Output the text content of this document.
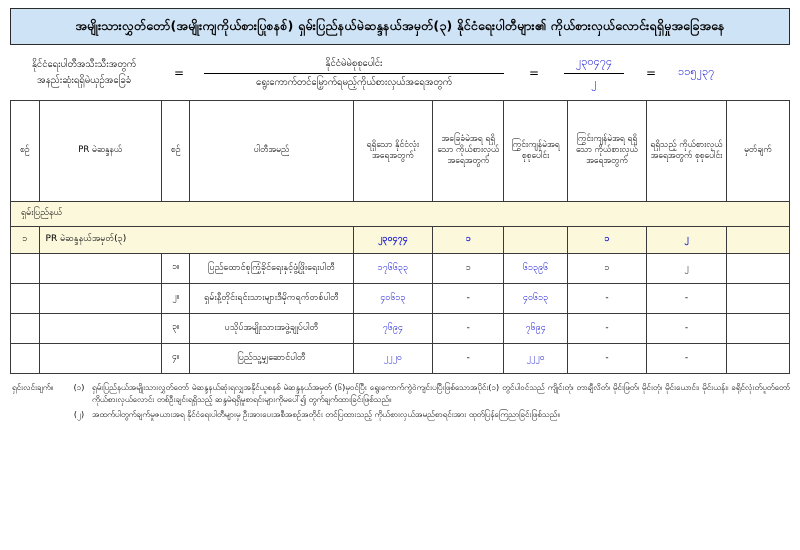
အမျိုးသားလွှတ်တော်(အမျိုးကျကိုယ်စားပြုစနစ်) ရှမ်းပြည်နယ်မဲဆန္ဒနယ်အမှတ်(၃) နိုင်ငံရေးပါတီများ၏ ကိုယ်စားလှယ်လောင်းရရှိမှုအခြေအနေ
နိုင်ငံရေးပါတီအသီးသီးအတွက်
အနည်းဆုံးရရှိမဲယှဉ်အခြေခံ
=	$\frac{\text{နိုင်ငံမဲမဲစုစုပေါင်း}}{\text{ရွေးကောက်တင်မြှောက်ရမည့်ကိုယ်စားလှယ်အရေအတွက်}}$	=	$\frac{၂၃၀၄၇၄}{၂}$	=	၁၁၅၂၃၇
စဉ်	PR မဲဆန္ဒနယ်	စဉ်	ပါတီအမည်	ရရှိသော နိုင်ငံလုံး အရေအတွက်	အခြေခံမဲအရ ရရှိသော ကိုယ်စားလှယ် အရေအတွက်	ကြွင်းကျန်မဲအရ စုစုပေါင်း	ကြွင်းကျန်မဲအရ ရရှိသော ကိုယ်စားလှယ် အရေအတွက်	ရရှိသည့် ကိုယ်စားလှယ် အရေအတွက် စုစုပေါင်း	မှတ်ချက်
ရှမ်းပြည်နယ်									
၁	PR မဲဆန္ဒနယ်အမှတ်(၃)			၂၃၀၄၇၄	၁		၁	၂	
		၁။	ပြည်ထောင်စုကြံ့ခိုင်ရေးနှင့်ဖွံ့ဖြိုးရေးပါတီ	၁၇၆၆၃၃	၁	၆၁၃၉၆	၁	၂	
		၂။	ရှမ်းနီ့တိုင်းရင်းသားများဒီမိုကရက်တစ်ပါတီ	၄၀၆၁၃	-	၄၀၆၁၃	-	-	
		၃။	ပသိုပ်အမျိုးသားအဖွဲ့ချုပ်ပါတီ	၇၆၉၄	-	၇၆၉၄	-	-	
		၄။	ပြည်သူ့မျှဆောင်ပါတီ	၂၂၂၀	-	၂၂၂၀	-	-	
ရှင်းလင်းချက်။	(၁) ရှမ်းပြည်နယ်အမျိုးသားလွှတ်တော် မဲဆန္ဒနယ်ဆုံးရလျှအနိုင်ယူစနစ် မဲဆန္ဒနယ်အမှတ် (၆)မှဝင်ပြီး ရွေးကောက်ကွဲဝဲကျင်းပပြီးဖြစ်သောအပိုင်း(၁) တွင်ပါဝင်သည် ကျိုင်းတုံ၊ တာချီလိတ်၊ မိုင်းဖြတ်၊ မိုင်းတုံ၊ မိုင်းယောင်း၊ မိုင်းယန်း၊ ခရိုင်လုံးတ်ပူတ်တော်ကိုယ်စားလှယ်လောင်း တစ်ဦးချင်းရရှိသည့် ဆန္ဒမဲရရှိမှုစာရင်းများကိုမပေါ်၍ တွက်ချက်ထားခြင်းဖြစ်သည်။
(၂) အထက်ပါတွက်ချက်မှုဇယားအရ နိုင်ငံရေးပါတီများမှ ဦးအားပေးအစီအစဉ်အတိုင်း တင်ပြထားသည့် ကိုယ်စားလှယ်အမည်စာရင်းအား ထုတ်ပြန်ကြေညာခြင်းဖြစ်သည်။
